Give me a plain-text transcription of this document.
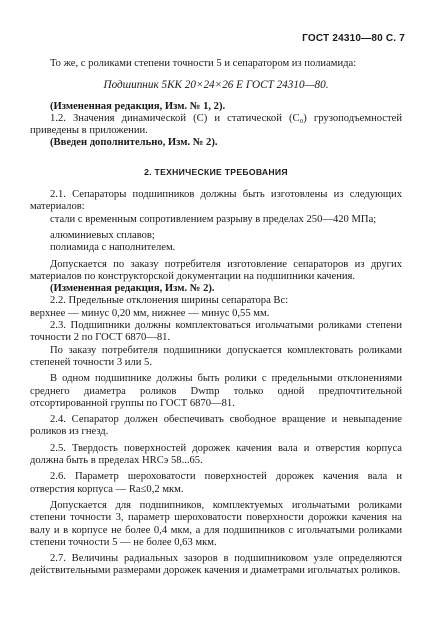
ГОСТ 24310—80 С. 7

То же, с роликами степени точности 5 и сепаратором из полиамида:

Подшипник 5КК 20×24×26 Е ГОСТ 24310—80.

(Измененная редакция, Изм. № 1, 2).

1.2. Значения динамической (C) и статической (C₀) грузоподъемностей приведены в приложении.

(Введен дополнительно, Изм. № 2).

2. ТЕХНИЧЕСКИЕ ТРЕБОВАНИЯ

2.1. Сепараторы подшипников должны быть изготовлены из следующих материалов:

стали с временным сопротивлением разрыву в пределах 250—420 МПа;

алюминиевых сплавов;

полиамида с наполнителем.

Допускается по заказу потребителя изготовление сепараторов из других материалов по конструкторской документации на подшипники качения.

(Измененная редакция, Изм. № 2).

2.2. Предельные отклонения ширины сепаратора Bc:

верхнее — минус 0,20 мм, нижнее — минус 0,55 мм.

2.3. Подшипники должны комплектоваться игольчатыми роликами степени точности 2 по ГОСТ 6870—81.

По заказу потребителя подшипники допускается комплектовать роликами степеней точности 3 или 5.

В одном подшипнике должны быть ролики с предельными отклонениями среднего диаметра роликов Dwmp только одной предпочтительной отсортированной группы по ГОСТ 6870—81.

2.4. Сепаратор должен обеспечивать свободное вращение и невыпадение роликов из гнезд.

2.5. Твердость поверхностей дорожек качения вала и отверстия корпуса должна быть в пределах HRCэ 58...65.

2.6. Параметр шероховатости поверхностей дорожек качения вала и отверстия корпуса — Ra≤0,2 мкм.

Допускается для подшипников, комплектуемых игольчатыми роликами степени точности 3, параметр шероховатости поверхности дорожки качения на валу и в корпусе не более 0,4 мкм, а для подшипников с игольчатыми роликами степени точности 5 — не более 0,63 мкм.

2.7. Величины радиальных зазоров в подшипниковом узле определяются действительными размерами дорожек качения и диаметрами игольчатых роликов.
